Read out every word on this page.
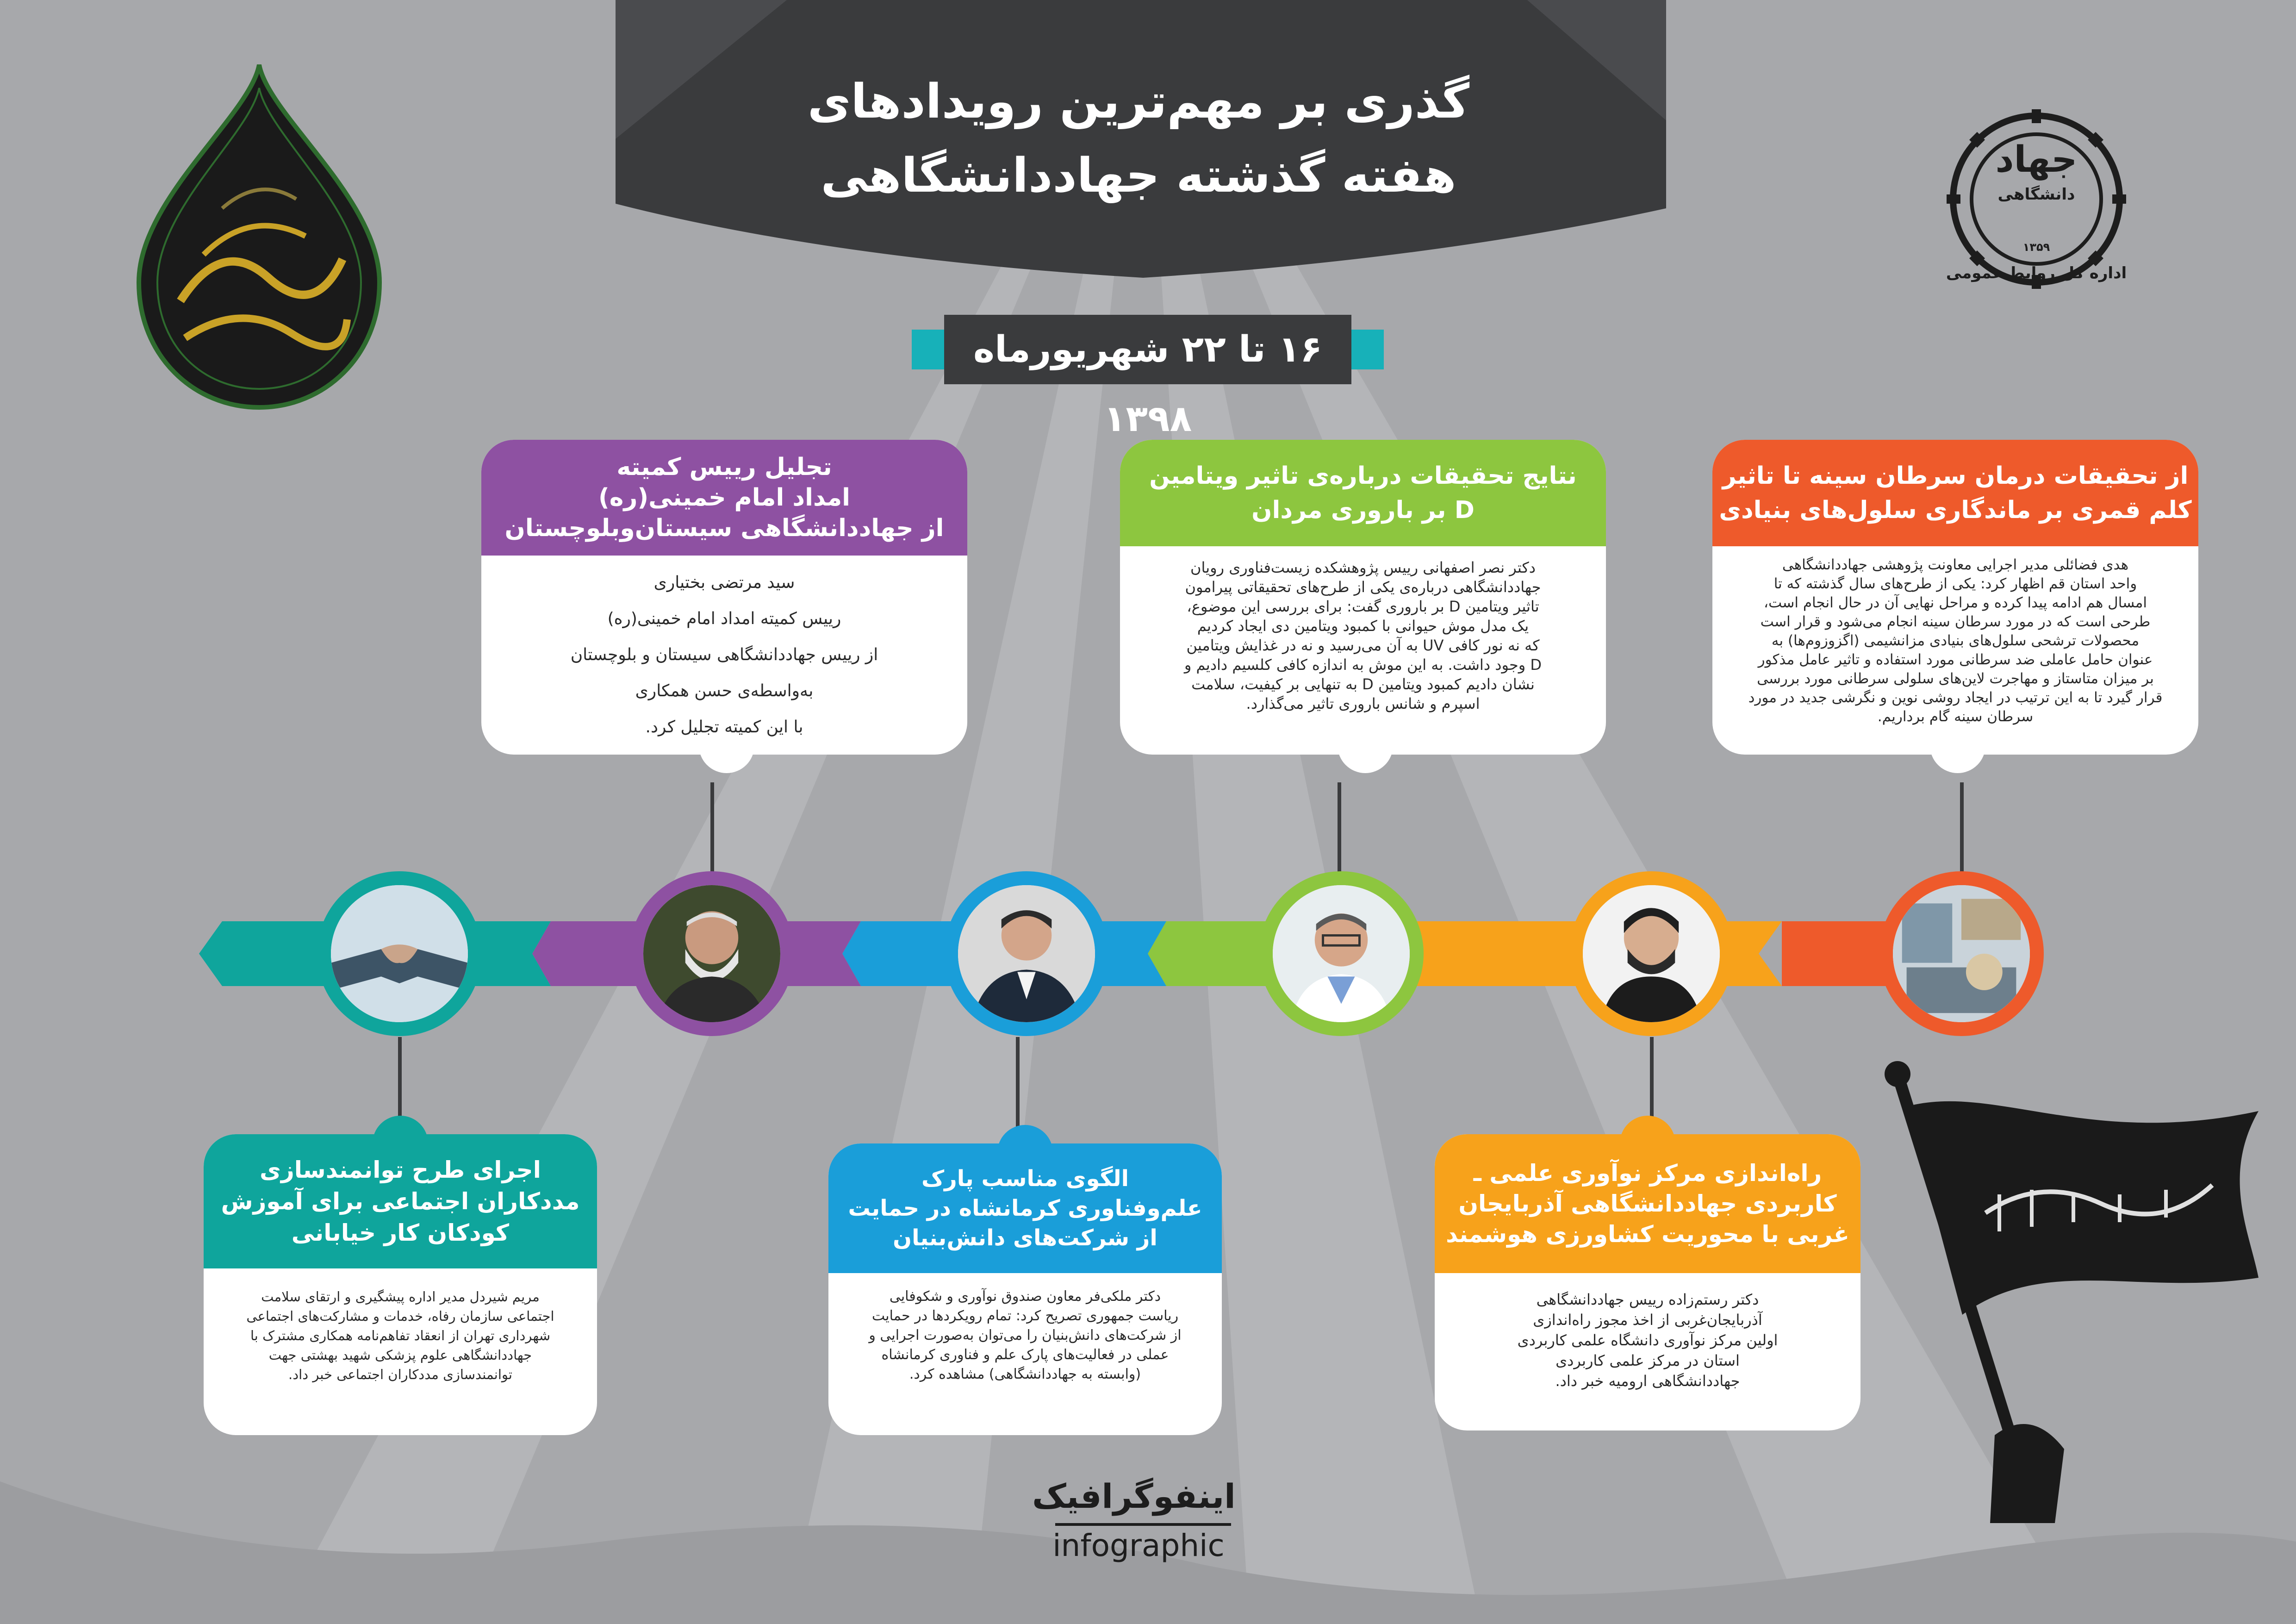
گذری بر مهم‌ترین رویدادهای
هفته گذشته جهاددانشگاهی
۱۶ تا ۲۲ شهریورماه ۱۳۹۸
جهاد
دانشگاهی
۱۳۵۹
اداره کل روابط عمومی
از تحقیقات درمان سرطان سینه تا تاثیر
کلم قمری بر ماندگاری سلول‌های بنیادی
هدی فضائلی مدیر اجرایی معاونت پژوهشی جهاددانشگاهی
واحد استان قم اظهار کرد: یکی از طرح‌های سال گذشته که تا
امسال هم ادامه پیدا کرده و مراحل نهایی آن در حال انجام است،
طرحی است که در مورد سرطان سینه انجام می‌شود و قرار است
محصولات ترشحی سلول‌های بنیادی مزانشیمی (اگزوزوم‌ها) به
عنوان حامل عاملی ضد سرطانی مورد استفاده و تاثیر عامل مذکور
بر میزان متاستاز و مهاجرت لاین‌های سلولی سرطانی مورد بررسی
قرار گیرد تا به این ترتیب در ایجاد روشی نوین و نگرشی جدید در مورد
سرطان سینه گام برداریم.
نتایج تحقیقات درباره‌ی تاثیر ویتامین
D بر باروری مردان
دکتر نصر اصفهانی رییس پژوهشکده زیست‌فناوری رویان
جهاددانشگاهی درباره‌ی یکی از طرح‌های تحقیقاتی پیرامون
تاثیر ویتامین D بر باروری گفت: برای بررسی این موضوع،
یک مدل موش حیوانی با کمبود ویتامین دی ایجاد کردیم
که نه نور کافی UV به آن می‌رسید و نه در غذایش ویتامین
D وجود داشت. به این موش به اندازه کافی کلسیم دادیم و
نشان دادیم کمبود ویتامین D به تنهایی بر کیفیت، سلامت
اسپرم و شانس باروری تاثیر می‌گذارد.
تجلیل رییس کمیته
امداد امام خمینی(ره)
از جهاددانشگاهی سیستان‌وبلوچستان
سید مرتضی بختیاری
رییس کمیته امداد امام خمینی(ره)
از رییس جهاددانشگاهی سیستان و بلوچستان
به‌واسطه‌ی حسن همکاری
با این کمیته تجلیل کرد.
راه‌اندازی مرکز نوآوری علمی ـ
کاربردی جهاددانشگاهی آذربایجان
غربی با محوریت کشاورزی هوشمند
دکتر رستم‌زاده رییس جهاددانشگاهی
آذربایجان‌غربی از اخذ مجوز راه‌اندازی
اولین مرکز نوآوری دانشگاه علمی کاربردی
استان در مرکز علمی کاربردی
جهاددانشگاهی ارومیه خبر داد.
الگوی مناسب پارک
علم‌وفناوری کرمانشاه در حمایت
از شرکت‌های دانش‌بنیان
دکتر ملکی‌فر معاون صندوق نوآوری و شکوفایی
ریاست جمهوری تصریح کرد: تمام رویکردها در حمایت
از شرکت‌های دانش‌بنیان را می‌توان به‌صورت اجرایی و
عملی در فعالیت‌های پارک علم و فناوری کرمانشاه
(وابسته به جهاددانشگاهی) مشاهده کرد.
اجرای طرح توانمندسازی
مددکاران اجتماعی برای آموزش
کودکان کار خیابانی
مریم شیردل مدیر اداره پیشگیری و ارتقای سلامت
اجتماعی سازمان رفاه، خدمات و مشارکت‌های اجتماعی
شهرداری تهران از انعقاد تفاهم‌نامه همکاری مشترک با
جهاددانشگاهی علوم پزشکی شهید بهشتی جهت
توانمندسازی مددکاران اجتماعی خبر داد.
اینفوگرافیک
infographic
